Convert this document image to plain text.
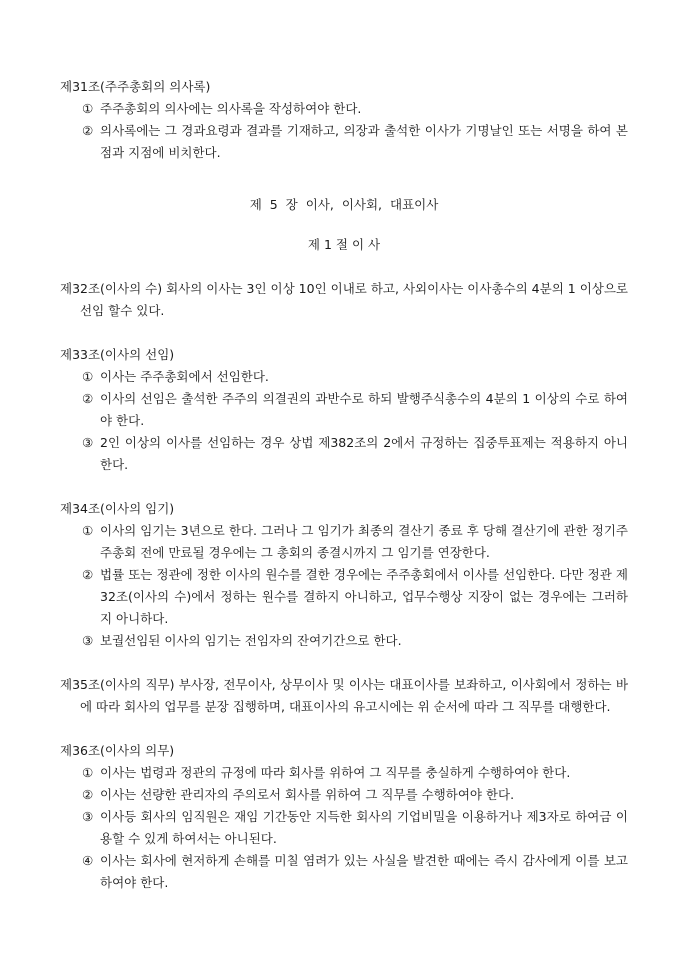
제31조(주주총회의 의사록)
① 주주총회의 의사에는 의사록을 작성하여야 한다.
② 의사록에는 그 경과요령과 결과를 기재하고, 의장과 출석한 이사가 기명날인 또는 서명을 하여 본점과 지점에 비치한다.
제 5 장 이사, 이사회, 대표이사
제 1 절 이 사
제32조(이사의 수) 회사의 이사는 3인 이상 10인 이내로 하고, 사외이사는 이사총수의 4분의 1 이상으로 선임 할수 있다.
제33조(이사의 선임)
① 이사는 주주총회에서 선임한다.
② 이사의 선임은 출석한 주주의 의결권의 과반수로 하되 발행주식총수의 4분의 1 이상의 수로 하여야 한다.
③ 2인 이상의 이사를 선임하는 경우 상법 제382조의 2에서 규정하는 집중투표제는 적용하지 아니한다.
제34조(이사의 임기)
① 이사의 임기는 3년으로 한다. 그러나 그 임기가 최종의 결산기 종료 후 당해 결산기에 관한 정기주주총회 전에 만료될 경우에는 그 총회의 종결시까지 그 임기를 연장한다.
② 법률 또는 정관에 정한 이사의 원수를 결한 경우에는 주주총회에서 이사를 선임한다. 다만 정관 제32조(이사의 수)에서 정하는 원수를 결하지 아니하고, 업무수행상 지장이 없는 경우에는 그러하지 아니하다.
③ 보궐선임된 이사의 임기는 전임자의 잔여기간으로 한다.
제35조(이사의 직무) 부사장, 전무이사, 상무이사 및 이사는 대표이사를 보좌하고, 이사회에서 정하는 바에 따라 회사의 업무를 분장 집행하며, 대표이사의 유고시에는 위 순서에 따라 그 직무를 대행한다.
제36조(이사의 의무)
① 이사는 법령과 정관의 규정에 따라 회사를 위하여 그 직무를 충실하게 수행하여야 한다.
② 이사는 선량한 관리자의 주의로서 회사를 위하여 그 직무를 수행하여야 한다.
③ 이사등 회사의 임직원은 재임 기간동안 지득한 회사의 기업비밀을 이용하거나 제3자로 하여금 이용할 수 있게 하여서는 아니된다.
④ 이사는 회사에 현저하게 손해를 미칠 염려가 있는 사실을 발견한 때에는 즉시 감사에게 이를 보고하여야 한다.
